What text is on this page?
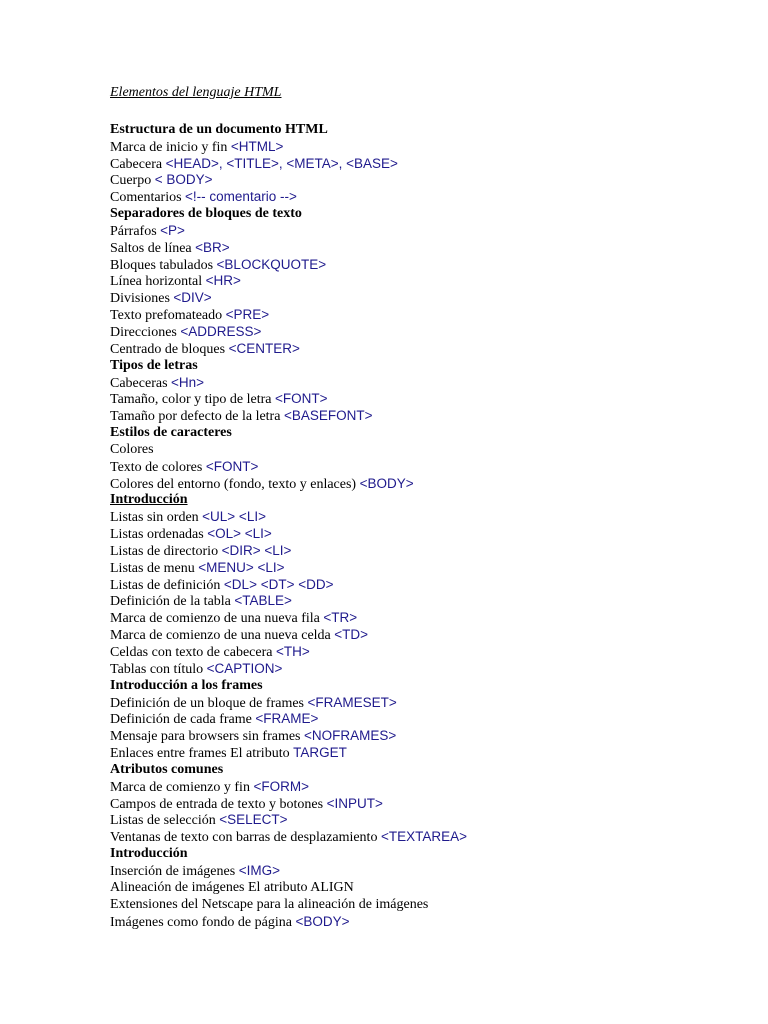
Elementos del lenguaje HTML
Estructura de un documento HTML
Marca de inicio y fin <HTML>
Cabecera <HEAD>, <TITLE>, <META>, <BASE>
Cuerpo < BODY>
Comentarios <!-- comentario -->
Separadores de bloques de texto
Párrafos <P>
Saltos de línea <BR>
Bloques tabulados <BLOCKQUOTE>
Línea horizontal <HR>
Divisiones <DIV>
Texto prefomateado <PRE>
Direcciones <ADDRESS>
Centrado de bloques <CENTER>
Tipos de letras
Cabeceras <Hn>
Tamaño, color y tipo de letra <FONT>
Tamaño por defecto de la letra <BASEFONT>
Estilos de caracteres
Colores
Texto de colores <FONT>
Colores del entorno (fondo, texto y enlaces) <BODY>
Introducción
Listas sin orden <UL> <LI>
Listas ordenadas <OL> <LI>
Listas de directorio <DIR> <LI>
Listas de menu <MENU> <LI>
Listas de definición <DL> <DT> <DD>
Definición de la tabla <TABLE>
Marca de comienzo de una nueva fila <TR>
Marca de comienzo de una nueva celda <TD>
Celdas con texto de cabecera <TH>
Tablas con título <CAPTION>
Introducción a los frames
Definición de un bloque de frames <FRAMESET>
Definición de cada frame <FRAME>
Mensaje para browsers sin frames <NOFRAMES>
Enlaces entre frames El atributo TARGET
Atributos comunes
Marca de comienzo y fin <FORM>
Campos de entrada de texto y botones <INPUT>
Listas de selección <SELECT>
Ventanas de texto con barras de desplazamiento <TEXTAREA>
Introducción
Inserción de imágenes <IMG>
Alineación de imágenes El atributo ALIGN
Extensiones del Netscape para la alineación de imágenes
Imágenes como fondo de página <BODY>
